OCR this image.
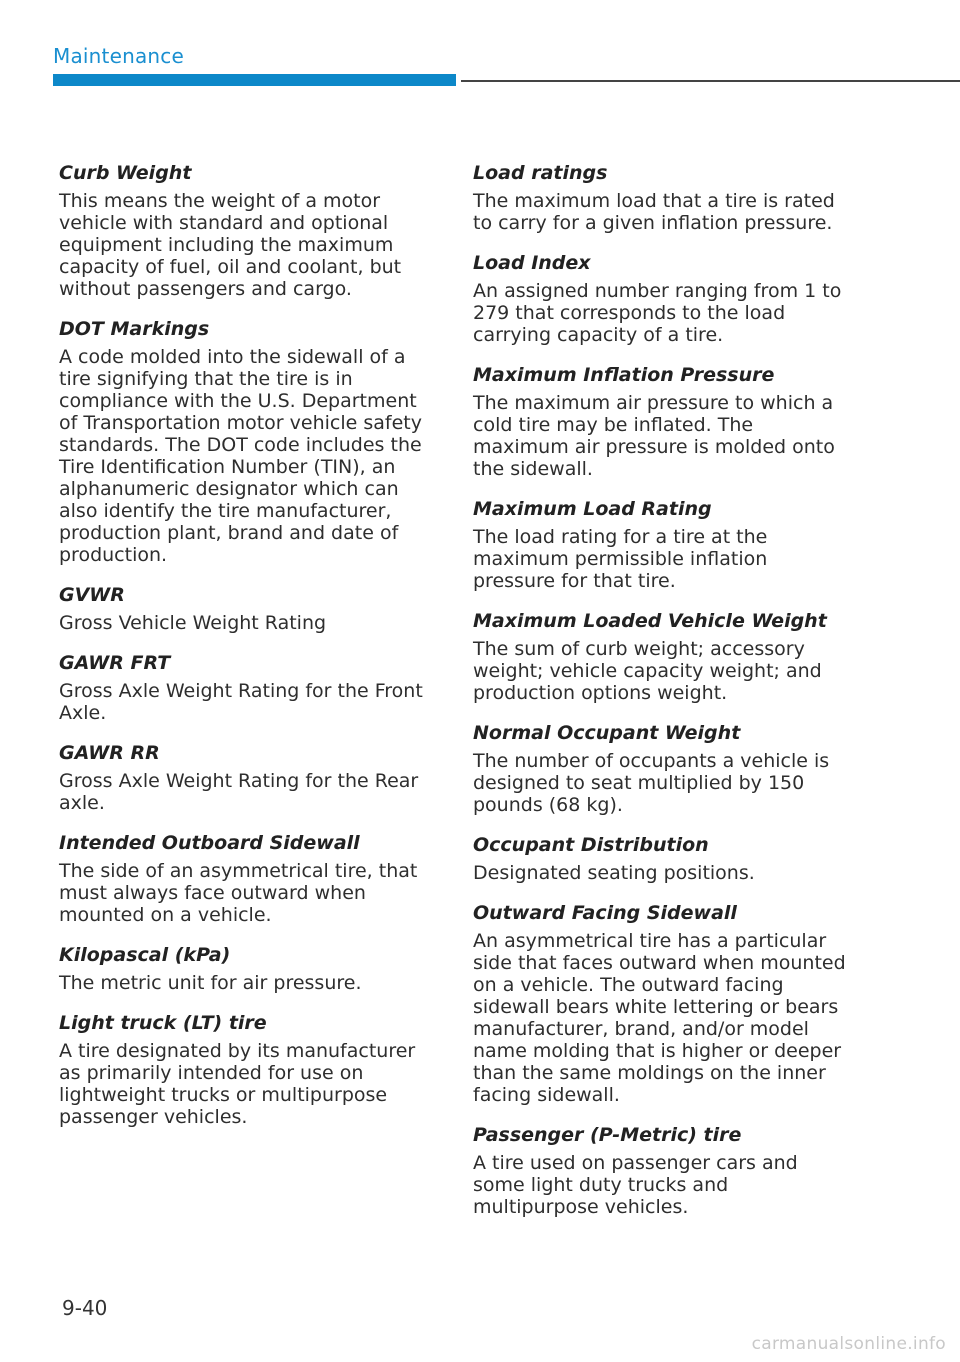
Maintenance

Curb Weight

This means the weight of a motor vehicle with standard and optional equipment including the maximum capacity of fuel, oil and coolant, but without passengers and cargo.

DOT Markings

A code molded into the sidewall of a tire signifying that the tire is in compliance with the U.S. Department of Transportation motor vehicle safety standards. The DOT code includes the Tire Identification Number (TIN), an alphanumeric designator which can also identify the tire manufacturer, production plant, brand and date of production.

GVWR

Gross Vehicle Weight Rating

GAWR FRT

Gross Axle Weight Rating for the Front Axle.

GAWR RR

Gross Axle Weight Rating for the Rear axle.

Intended Outboard Sidewall

The side of an asymmetrical tire, that must always face outward when mounted on a vehicle.

Kilopascal (kPa)

The metric unit for air pressure.

Light truck (LT) tire

A tire designated by its manufacturer as primarily intended for use on lightweight trucks or multipurpose passenger vehicles.

Load ratings

The maximum load that a tire is rated to carry for a given inflation pressure.

Load Index

An assigned number ranging from 1 to 279 that corresponds to the load carrying capacity of a tire.

Maximum Inflation Pressure

The maximum air pressure to which a cold tire may be inflated. The maximum air pressure is molded onto the sidewall.

Maximum Load Rating

The load rating for a tire at the maximum permissible inflation pressure for that tire.

Maximum Loaded Vehicle Weight

The sum of curb weight; accessory weight; vehicle capacity weight; and production options weight.

Normal Occupant Weight

The number of occupants a vehicle is designed to seat multiplied by 150 pounds (68 kg).

Occupant Distribution

Designated seating positions.

Outward Facing Sidewall

An asymmetrical tire has a particular side that faces outward when mounted on a vehicle. The outward facing sidewall bears white lettering or bears manufacturer, brand, and/or model name molding that is higher or deeper than the same moldings on the inner facing sidewall.

Passenger (P-Metric) tire

A tire used on passenger cars and some light duty trucks and multipurpose vehicles.

9-40
carmanualsonline.info
